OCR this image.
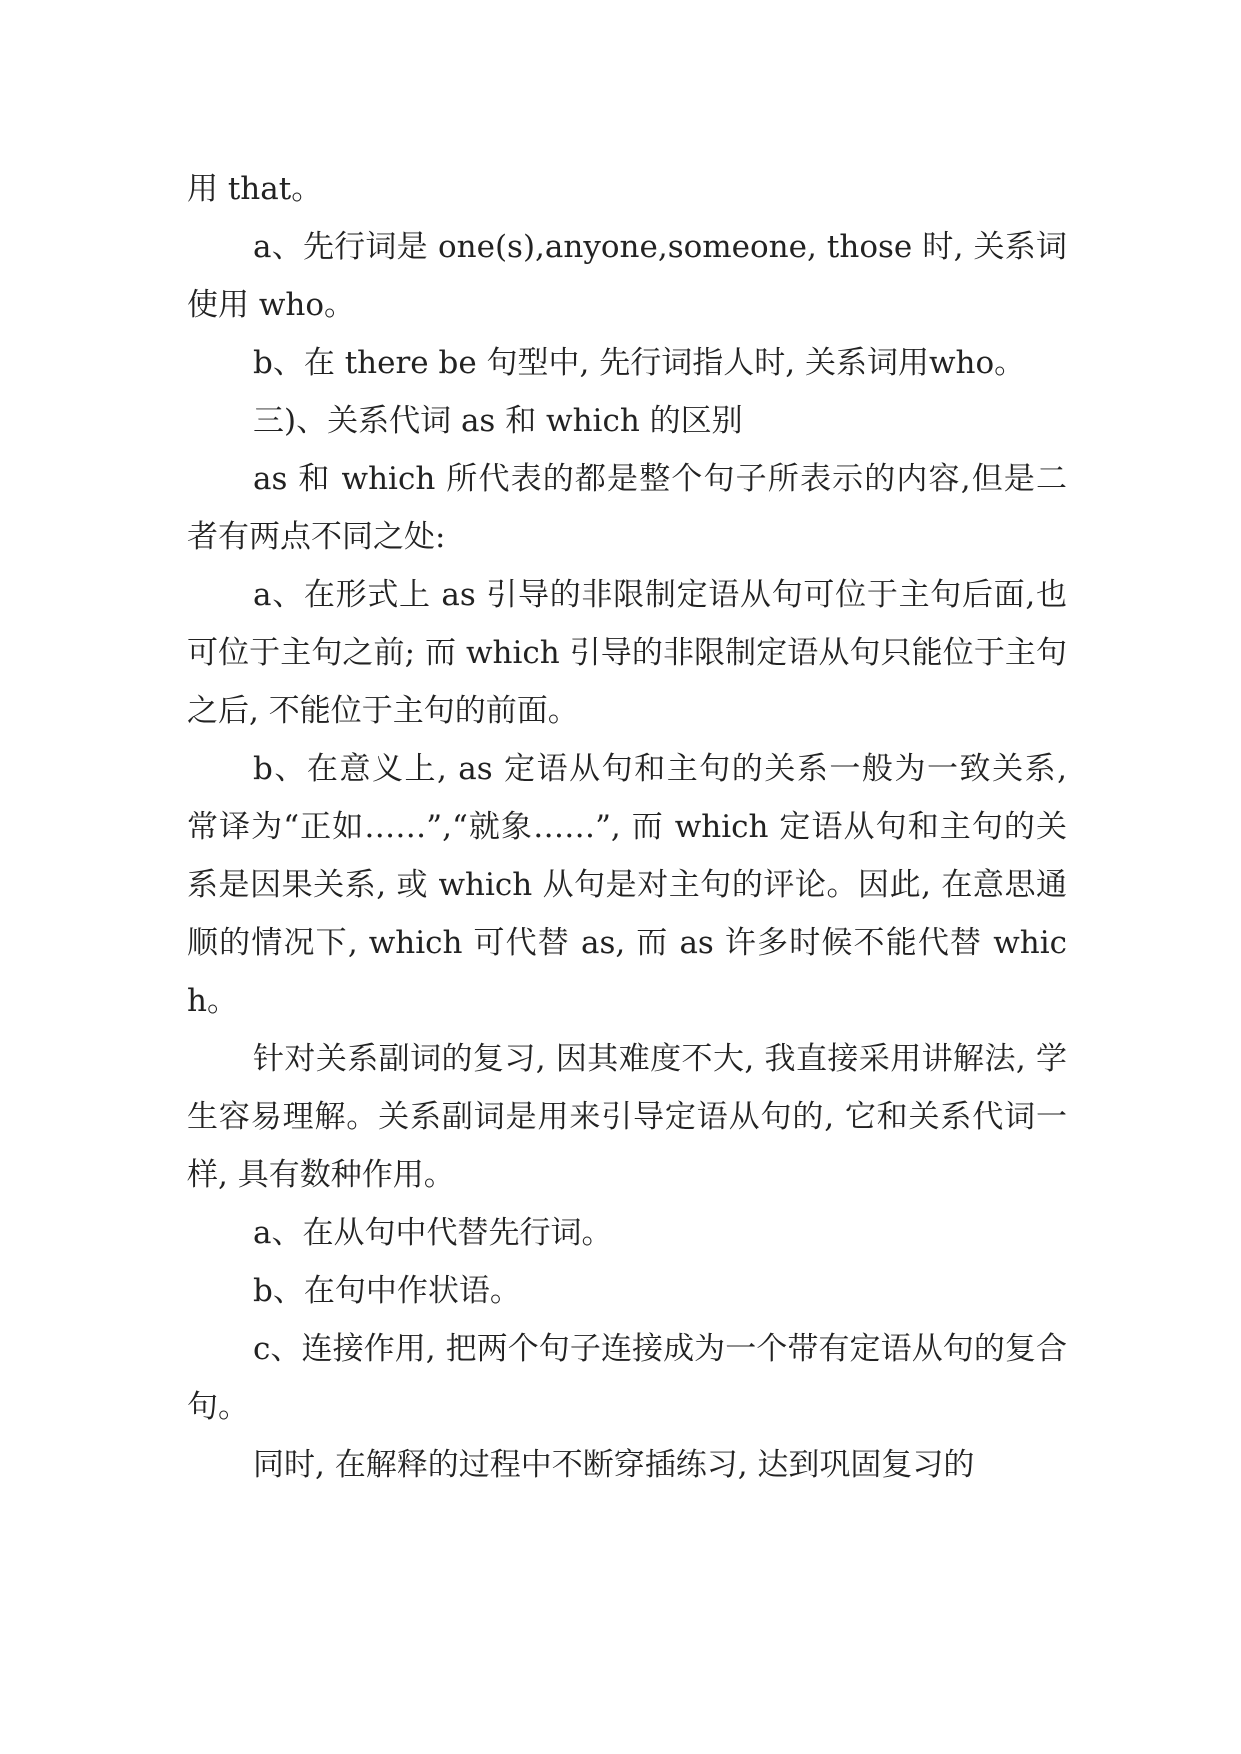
用 that。

a、先行词是 one(s),anyone,someone, those 时, 关系词使用 who。

b、在 there be 句型中, 先行词指人时, 关系词用who。

三)、关系代词 as 和 which 的区别

as 和 which 所代表的都是整个句子所表示的内容,但是二者有两点不同之处:

a、在形式上 as 引导的非限制定语从句可位于主句后面,也可位于主句之前; 而 which 引导的非限制定语从句只能位于主句之后, 不能位于主句的前面。

b、在意义上, as 定语从句和主句的关系一般为一致关系, 常译为“正如……”,“就象……”, 而 which 定语从句和主句的关系是因果关系, 或 which 从句是对主句的评论。因此, 在意思通顺的情况下, which 可代替 as, 而 as 许多时候不能代替 which。

针对关系副词的复习, 因其难度不大, 我直接采用讲解法, 学生容易理解。关系副词是用来引导定语从句的, 它和关系代词一样, 具有数种作用。

a、在从句中代替先行词。

b、在句中作状语。

c、连接作用, 把两个句子连接成为一个带有定语从句的复合句。

同时, 在解释的过程中不断穿插练习, 达到巩固复习的
